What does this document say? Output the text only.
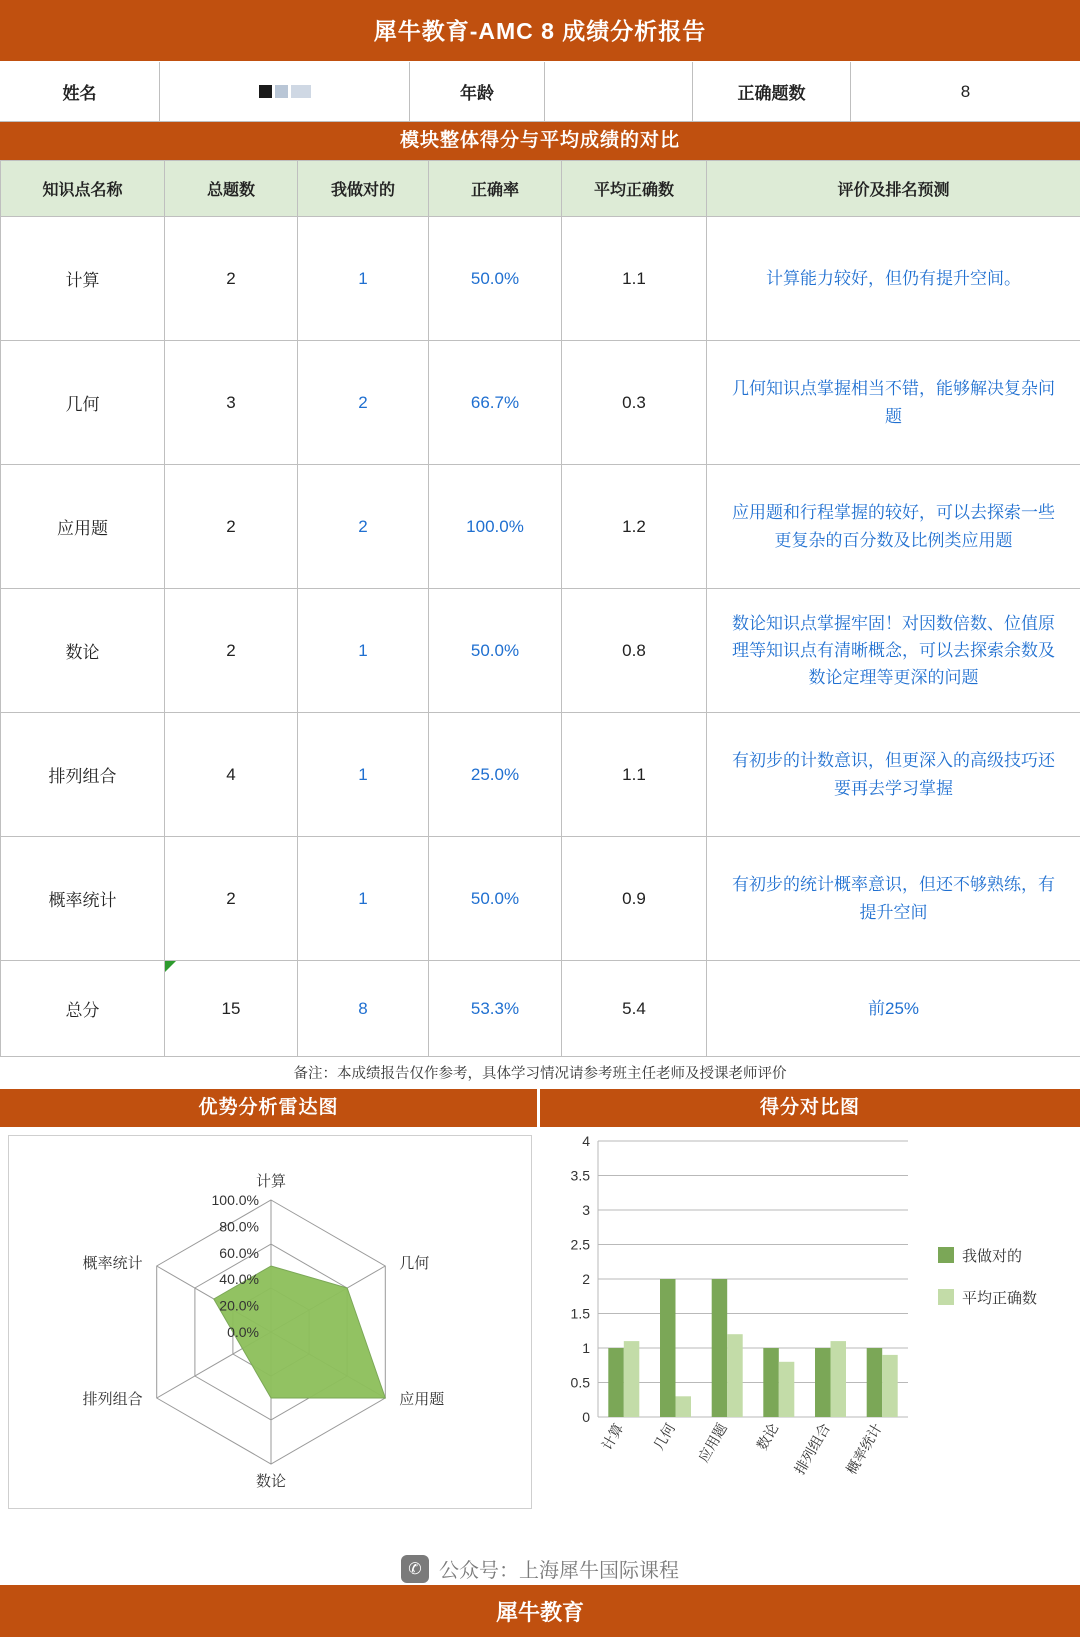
犀牛教育-AMC 8 成绩分析报告
姓名	年龄	正确题数	8
模块整体得分与平均成绩的对比
知识点名称	总题数	我做对的	正确率	平均正确数	评价及排名预测
计算	2	1	50.0%	1.1	计算能力较好，但仍有提升空间。
几何	3	2	66.7%	0.3	几何知识点掌握相当不错，能够解决复杂问题
应用题	2	2	100.0%	1.2	应用题和行程掌握的较好，可以去探索一些更复杂的百分数及比例类应用题
数论	2	1	50.0%	0.8	数论知识点掌握牢固！对因数倍数、位值原理等知识点有清晰概念，可以去探索余数及数论定理等更深的问题
排列组合	4	1	25.0%	1.1	有初步的计数意识，但更深入的高级技巧还要再去学习掌握
概率统计	2	1	50.0%	0.9	有初步的统计概率意识，但还不够熟练，有提升空间
总分	15	8	53.3%	5.4	前25%
备注：本成绩报告仅作参考，具体学习情况请参考班主任老师及授课老师评价
优势分析雷达图	得分对比图
计算
几何
应用题
数论
排列组合
概率统计
0.0%
20.0%
40.0%
60.0%
80.0%
100.0%
0
0.5
1
1.5
2
2.5
3
3.5
4
计算 几何 应用题 数论 排列组合 概率统计
我做对的
平均正确数
✆ 公众号：上海犀牛国际课程
犀牛教育
